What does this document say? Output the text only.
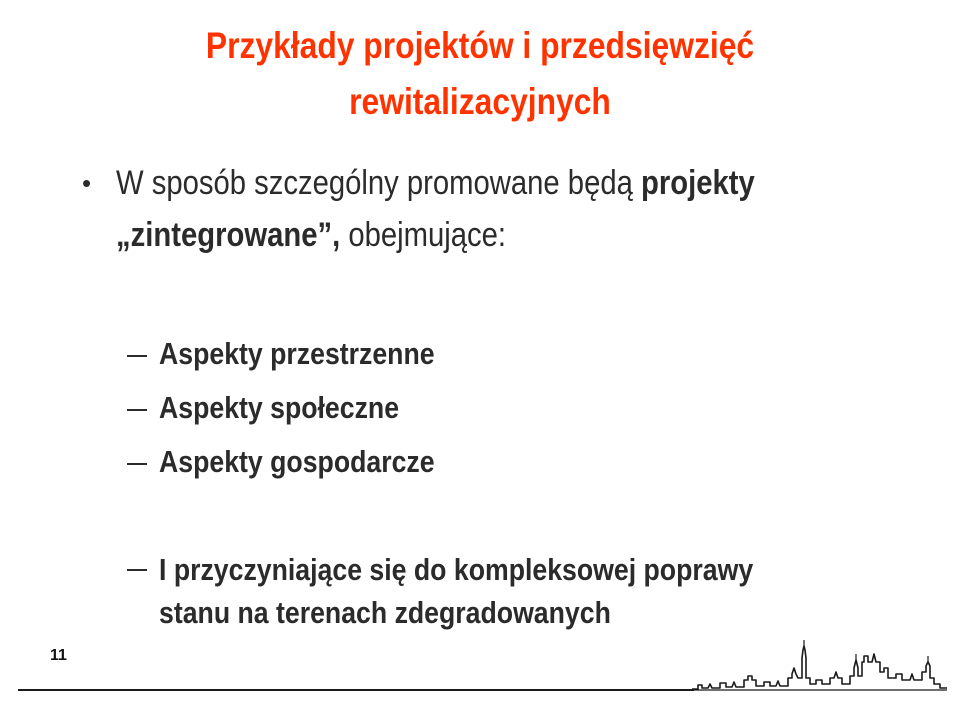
Przykłady projektów i przedsięwzięć
rewitalizacyjnych
• W sposób szczególny promowane będą projekty
„zintegrowane”, obejmujące:
Aspekty przestrzenne
Aspekty społeczne
Aspekty gospodarcze
I przyczyniające się do kompleksowej poprawy
stanu na terenach zdegradowanych
11
